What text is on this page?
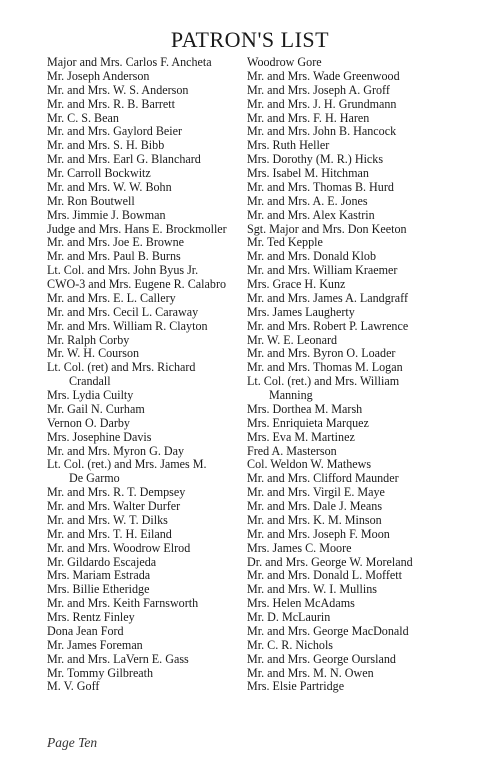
PATRON'S LIST
Major and Mrs. Carlos F. Ancheta
Mr. Joseph Anderson
Mr. and Mrs. W. S. Anderson
Mr. and Mrs. R. B. Barrett
Mr. C. S. Bean
Mr. and Mrs. Gaylord Beier
Mr. and Mrs. S. H. Bibb
Mr. and Mrs. Earl G. Blanchard
Mr. Carroll Bockwitz
Mr. and Mrs. W. W. Bohn
Mr. Ron Boutwell
Mrs. Jimmie J. Bowman
Judge and Mrs. Hans E. Brockmoller
Mr. and Mrs. Joe E. Browne
Mr. and Mrs. Paul B. Burns
Lt. Col. and Mrs. John Byus Jr.
CWO-3 and Mrs. Eugene R. Calabro
Mr. and Mrs. E. L. Callery
Mr. and Mrs. Cecil L. Caraway
Mr. and Mrs. William R. Clayton
Mr. Ralph Corby
Mr. W. H. Courson
Lt. Col. (ret) and Mrs. Richard
Crandall
Mrs. Lydia Cuilty
Mr. Gail N. Curham
Vernon O. Darby
Mrs. Josephine Davis
Mr. and Mrs. Myron G. Day
Lt. Col. (ret.) and Mrs. James M.
De Garmo
Mr. and Mrs. R. T. Dempsey
Mr. and Mrs. Walter Durfer
Mr. and Mrs. W. T. Dilks
Mr. and Mrs. T. H. Eiland
Mr. and Mrs. Woodrow Elrod
Mr. Gildardo Escajeda
Mrs. Mariam Estrada
Mrs. Billie Etheridge
Mr. and Mrs. Keith Farnsworth
Mrs. Rentz Finley
Dona Jean Ford
Mr. James Foreman
Mr. and Mrs. LaVern E. Gass
Mr. Tommy Gilbreath
M. V. Goff
Woodrow Gore
Mr. and Mrs. Wade Greenwood
Mr. and Mrs. Joseph A. Groff
Mr. and Mrs. J. H. Grundmann
Mr. and Mrs. F. H. Haren
Mr. and Mrs. John B. Hancock
Mrs. Ruth Heller
Mrs. Dorothy (M. R.) Hicks
Mrs. Isabel M. Hitchman
Mr. and Mrs. Thomas B. Hurd
Mr. and Mrs. A. E. Jones
Mr. and Mrs. Alex Kastrin
Sgt. Major and Mrs. Don Keeton
Mr. Ted Kepple
Mr. and Mrs. Donald Klob
Mr. and Mrs. William Kraemer
Mrs. Grace H. Kunz
Mr. and Mrs. James A. Landgraff
Mrs. James Laugherty
Mr. and Mrs. Robert P. Lawrence
Mr. W. E. Leonard
Mr. and Mrs. Byron O. Loader
Mr. and Mrs. Thomas M. Logan
Lt. Col. (ret.) and Mrs. William
Manning
Mrs. Dorthea M. Marsh
Mrs. Enriquieta Marquez
Mrs. Eva M. Martinez
Fred A. Masterson
Col. Weldon W. Mathews
Mr. and Mrs. Clifford Maunder
Mr. and Mrs. Virgil E. Maye
Mr. and Mrs. Dale J. Means
Mr. and Mrs. K. M. Minson
Mr. and Mrs. Joseph F. Moon
Mrs. James C. Moore
Dr. and Mrs. George W. Moreland
Mr. and Mrs. Donald L. Moffett
Mr. and Mrs. W. I. Mullins
Mrs. Helen McAdams
Mr. D. McLaurin
Mr. and Mrs. George MacDonald
Mr. C. R. Nichols
Mr. and Mrs. George Oursland
Mr. and Mrs. M. N. Owen
Mrs. Elsie Partridge
Page Ten
